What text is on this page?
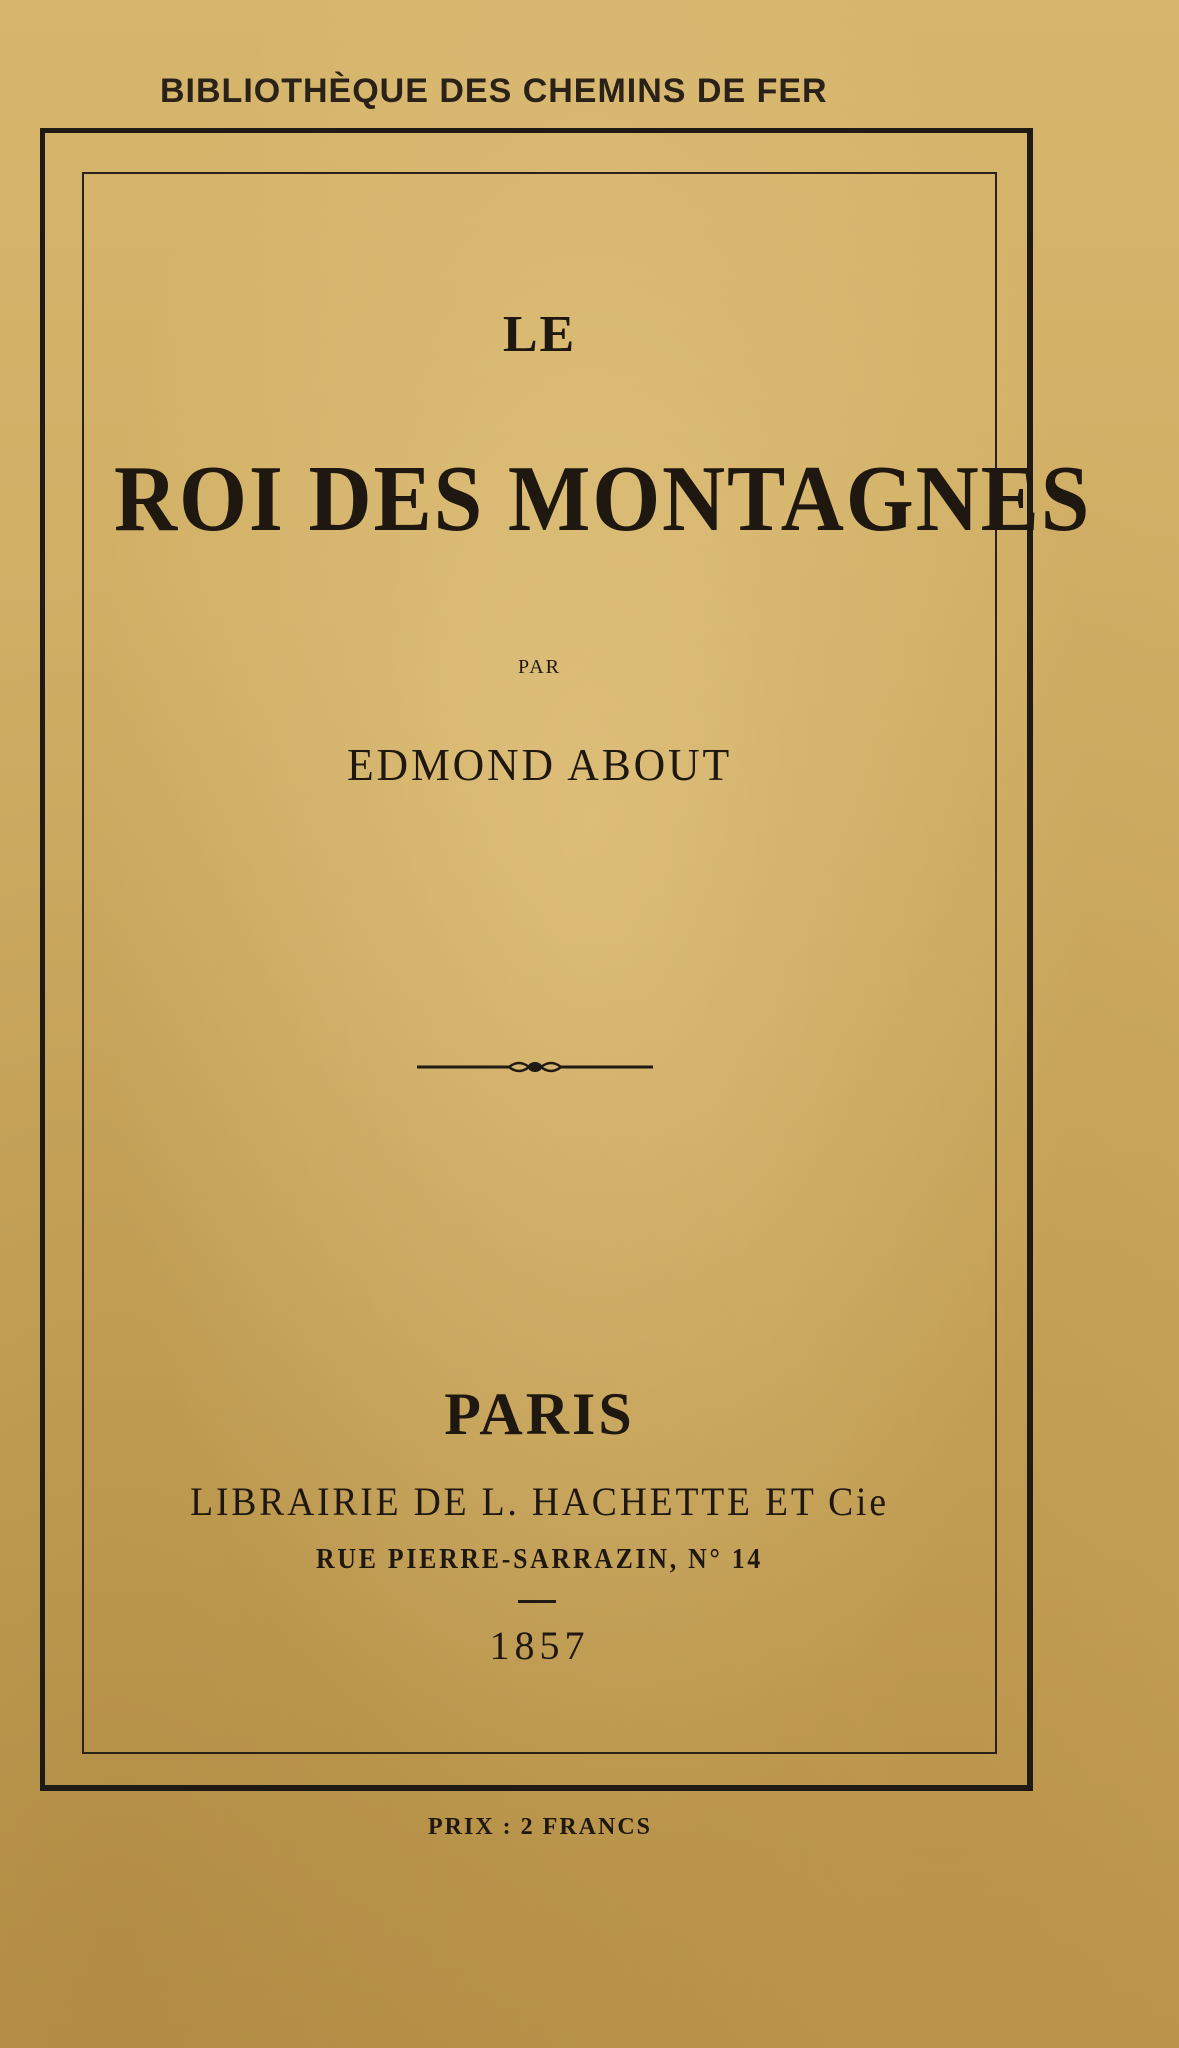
BIBLIOTHÈQUE DES CHEMINS DE FER
LE
ROI DES MONTAGNES
PAR
EDMOND ABOUT
PARIS
LIBRAIRIE DE L. HACHETTE ET Cie
RUE PIERRE-SARRAZIN, N° 14
1857
PRIX : 2 FRANCS
